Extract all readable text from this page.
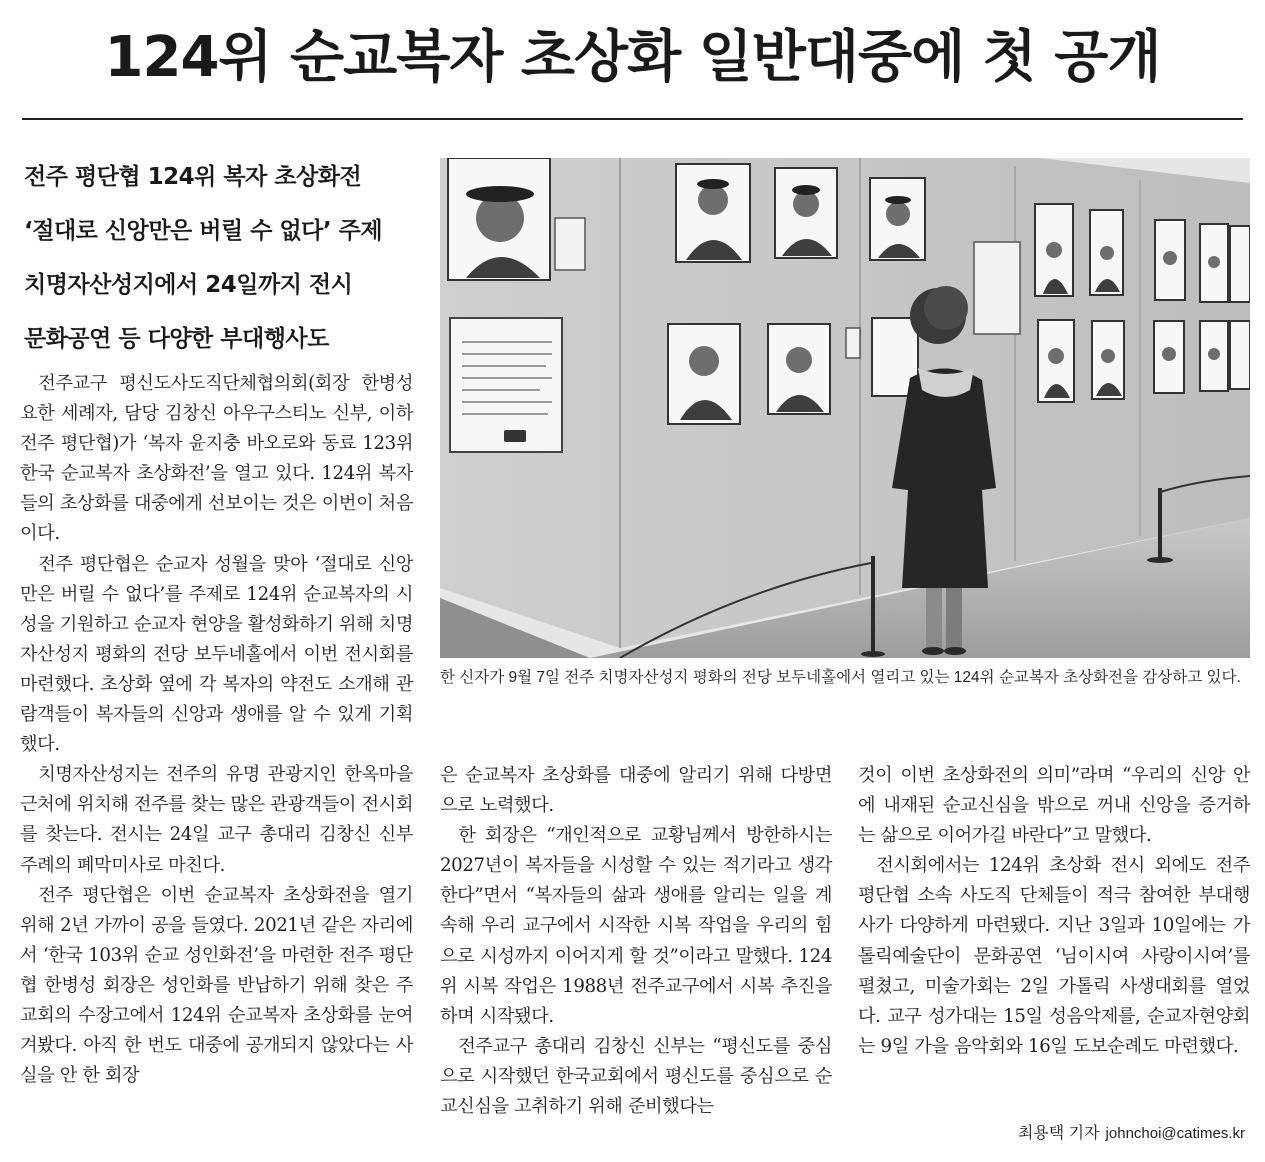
124위 순교복자 초상화 일반대중에 첫 공개
전주 평단협 124위 복자 초상화전
‘절대로 신앙만은 버릴 수 없다’ 주제
치명자산성지에서 24일까지 전시
문화공연 등 다양한 부대행사도

전주교구 평신도사도직단체협의회(회장 한병성 요한 세례자, 담당 김창신 아우구스티노 신부, 이하 전주 평단협)가 ‘복자 윤지충 바오로와 동료 123위 한국 순교복자 초상화전’을 열고 있다. 124위 복자들의 초상화를 대중에게 선보이는 것은 이번이 처음이다.

전주 평단협은 순교자 성월을 맞아 ‘절대로 신앙만은 버릴 수 없다’를 주제로 124위 순교복자의 시성을 기원하고 순교자 현양을 활성화하기 위해 치명자산성지 평화의 전당 보두네홀에서 이번 전시회를 마련했다. 초상화 옆에 각 복자의 약전도 소개해 관람객들이 복자들의 신앙과 생애를 알 수 있게 기획했다.

치명자산성지는 전주의 유명 관광지인 한옥마을 근처에 위치해 전주를 찾는 많은 관광객들이 전시회를 찾는다. 전시는 24일 교구 총대리 김창신 신부 주례의 폐막미사로 마친다.

전주 평단협은 이번 순교복자 초상화전을 열기 위해 2년 가까이 공을 들였다. 2021년 같은 자리에서 ‘한국 103위 순교 성인화전’을 마련한 전주 평단협 한병성 회장은 성인화를 반납하기 위해 찾은 주교회의 수장고에서 124위 순교복자 초상화를 눈여겨봤다. 아직 한 번도 대중에 공개되지 않았다는 사실을 안 한 회장

한 신자가 9월 7일 전주 치명자산성지 평화의 전당 보두네홀에서 열리고 있는 124위 순교복자 초상화전을 감상하고 있다.

은 순교복자 초상화를 대중에 알리기 위해 다방면으로 노력했다.

한 회장은 “개인적으로 교황님께서 방한하시는 2027년이 복자들을 시성할 수 있는 적기라고 생각한다”면서 “복자들의 삶과 생애를 알리는 일을 계속해 우리 교구에서 시작한 시복 작업을 우리의 힘으로 시성까지 이어지게 할 것”이라고 말했다. 124위 시복 작업은 1988년 전주교구에서 시복 추진을 하며 시작됐다.

전주교구 총대리 김창신 신부는 “평신도를 중심으로 시작했던 한국교회에서 평신도를 중심으로 순교신심을 고취하기 위해 준비했다는

것이 이번 초상화전의 의미”라며 “우리의 신앙 안에 내재된 순교신심을 밖으로 꺼내 신앙을 증거하는 삶으로 이어가길 바란다”고 말했다.

전시회에서는 124위 초상화 전시 외에도 전주 평단협 소속 사도직 단체들이 적극 참여한 부대행사가 다양하게 마련됐다. 지난 3일과 10일에는 가톨릭예술단이 문화공연 ‘님이시여 사랑이시여’를 펼쳤고, 미술가회는 2일 가톨릭 사생대회를 열었다. 교구 성가대는 15일 성음악제를, 순교자현양회는 9일 가을 음악회와 16일 도보순례도 마련했다.

최용택 기자 johnchoi@catimes.kr
